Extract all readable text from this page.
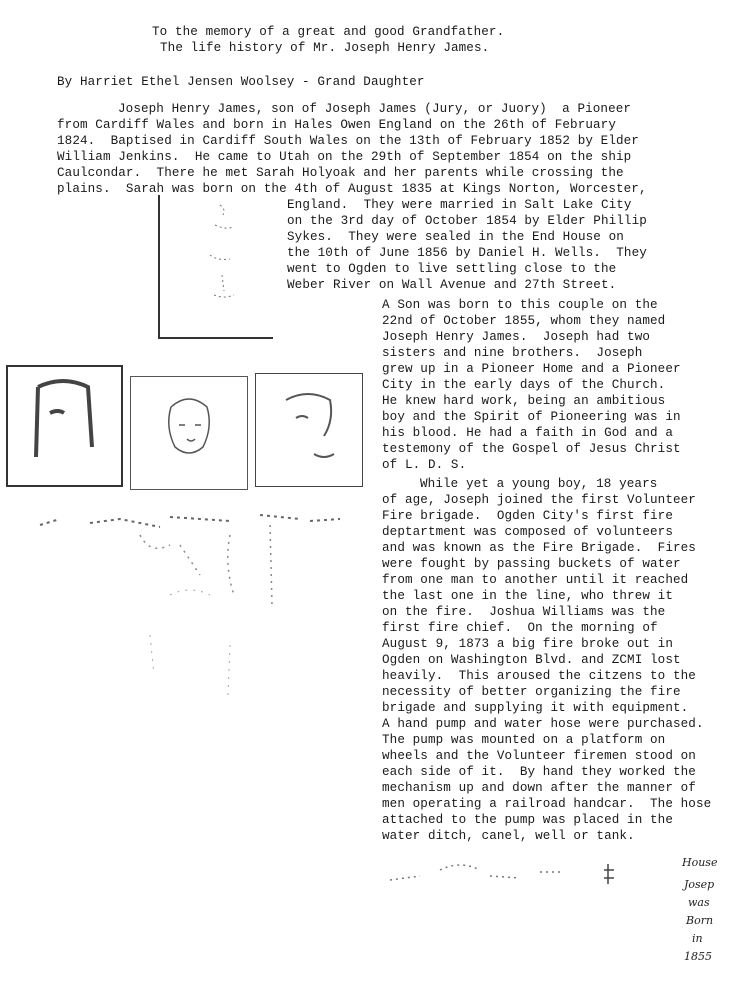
To the memory of a great and good Grandfather.
The life history of Mr. Joseph Henry James.
By Harriet Ethel Jensen Woolsey - Grand Daughter
Joseph Henry James, son of Joseph James (Jury, or Juory)  a Pioneer
from Cardiff Wales and born in Hales Owen England on the 26th of February
1824.  Baptised in Cardiff South Wales on the 13th of February 1852 by Elder
William Jenkins.  He came to Utah on the 29th of September 1854 on the ship
Caulcondar.  There he met Sarah Holyoak and her parents while crossing the
plains.  Sarah was born on the 4th of August 1835 at Kings Norton, Worcester,
England.  They were married in Salt Lake City
on the 3rd day of October 1854 by Elder Phillip
Sykes.  They were sealed in the End House on
the 10th of June 1856 by Daniel H. Wells.  They
went to Ogden to live settling close to the
Weber River on Wall Avenue and 27th Street.
A Son was born to this couple on the
22nd of October 1855, whom they named
Joseph Henry James.  Joseph had two
sisters and nine brothers.  Joseph
grew up in a Pioneer Home and a Pioneer
City in the early days of the Church.
He knew hard work, being an ambitious
boy and the Spirit of Pioneering was in
his blood. He had a faith in God and a
testemony of the Gospel of Jesus Christ
of L. D. S.
While yet a young boy, 18 years
of age, Joseph joined the first Volunteer
Fire brigade.  Ogden City's first fire
deptartment was composed of volunteers
and was known as the Fire Brigade.  Fires
were fought by passing buckets of water
from one man to another until it reached
the last one in the line, who threw it
on the fire.  Joshua Williams was the
first fire chief.  On the morning of
August 9, 1873 a big fire broke out in
Ogden on Washington Blvd. and ZCMI lost
heavily.  This aroused the citzens to the
necessity of better organizing the fire
brigade and supplying it with equipment.
A hand pump and water hose were purchased.
The pump was mounted on a platform on
wheels and the Volunteer firemen stood on
each side of it.  By hand they worked the
mechanism up and down after the manner of
men operating a railroad handcar.  The hose
attached to the pump was placed in the
water ditch, canel, well or tank.
House
Josep
was
Born
in
1855
